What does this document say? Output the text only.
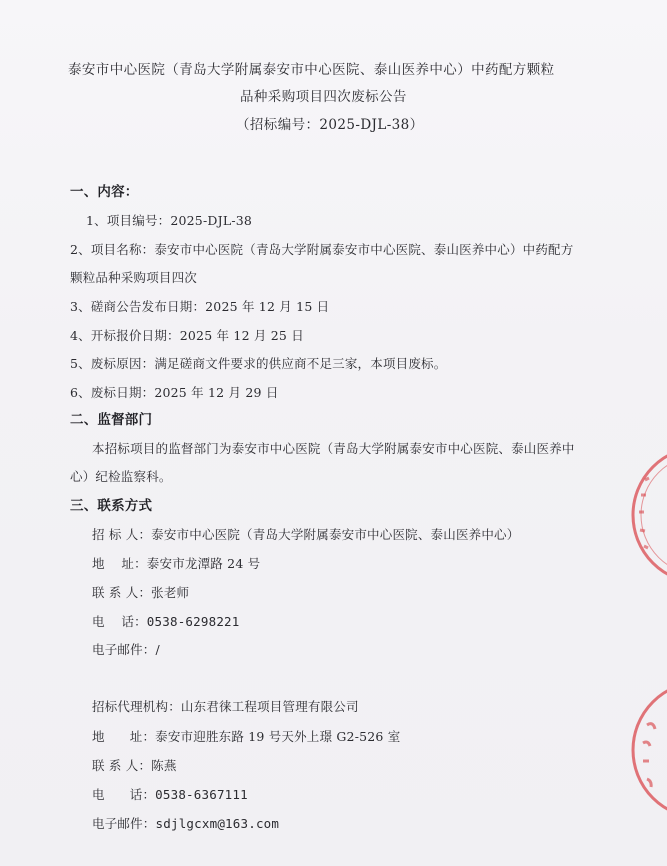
泰安市中心医院（青岛大学附属泰安市中心医院、泰山医养中心）中药配方颗粒
品种采购项目四次废标公告
（招标编号：2025-DJL-38）
一、内容：
1、项目编号：2025-DJL-38
2、项目名称：泰安市中心医院（青岛大学附属泰安市中心医院、泰山医养中心）中药配方
颗粒品种采购项目四次
3、磋商公告发布日期：2025 年 12 月 15 日
4、开标报价日期：2025 年 12 月 25 日
5、废标原因：满足磋商文件要求的供应商不足三家，本项目废标。
6、废标日期：2025 年 12 月 29 日
二、监督部门
本招标项目的监督部门为泰安市中心医院（青岛大学附属泰安市中心医院、泰山医养中
心）纪检监察科。
三、联系方式
招 标 人：泰安市中心医院（青岛大学附属泰安市中心医院、泰山医养中心）
地    址：泰安市龙潭路 24 号
联 系 人：张老师
电    话：0538-6298221
电子邮件：/
招标代理机构：山东君徕工程项目管理有限公司
地      址：泰安市迎胜东路 19 号天外上璟 G2-526 室
联 系 人：陈燕
电      话：0538-6367111
电子邮件：sdjlgcxm@163.com
